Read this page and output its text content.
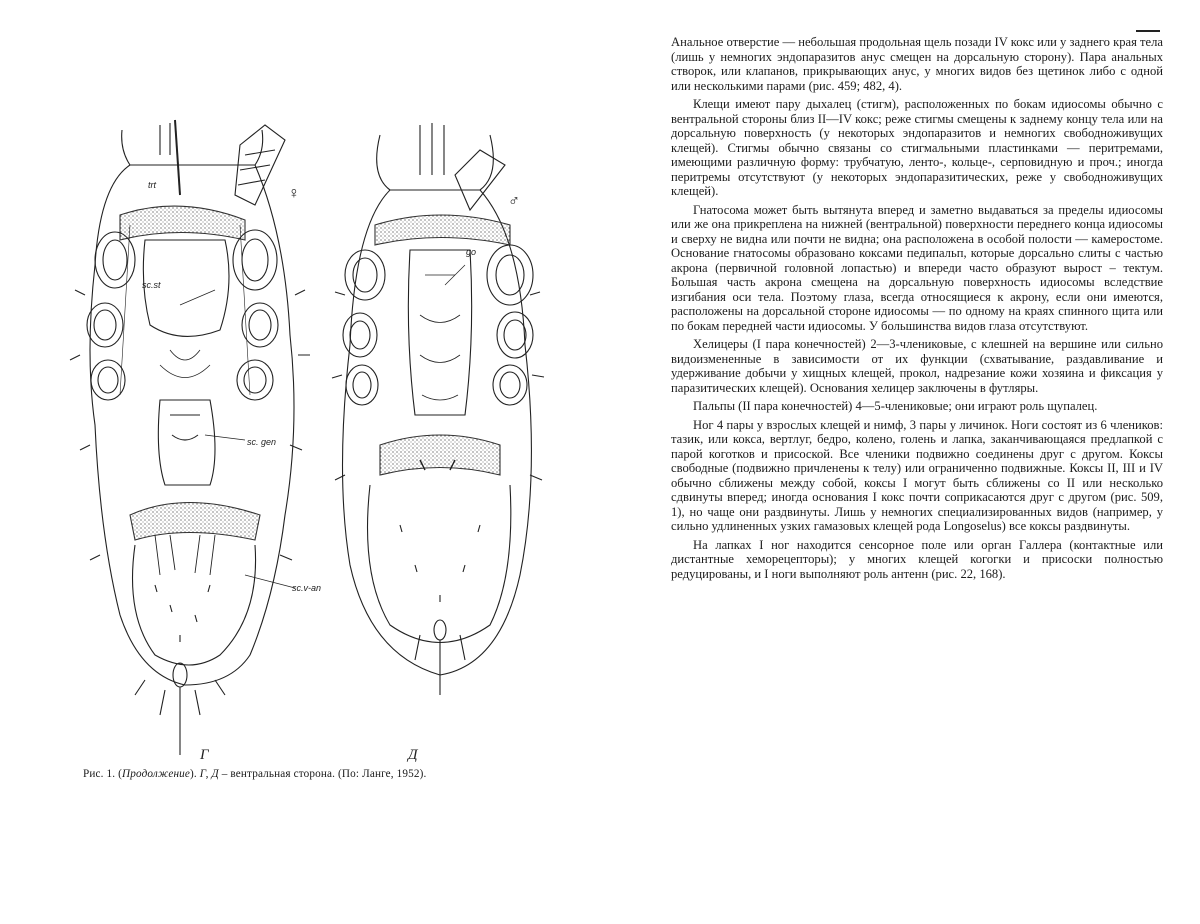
trt
sc.st
go
sc. gen
sc.v-an
♀	♂
Г	Д
Рис. 1. (Продолжение). Г, Д – вентральная сторона. (По: Ланге, 1952).

Анальное отверстие — небольшая продольная щель позади IV кокс или у заднего края тела (лишь у немногих эндопаразитов анус смещен на дорсальную сторону). Пара анальных створок, или клапанов, прикрывающих анус, у многих видов без щетинок либо с одной или несколькими парами (рис. 459; 482, 4).

Клещи имеют пару дыхалец (стигм), расположенных по бокам идиосомы обычно с вентральной стороны близ II—IV кокс; реже стигмы смещены к заднему концу тела или на дорсальную поверхность (у некоторых эндопаразитов и немногих свободноживущих клещей). Стигмы обычно связаны со стигмальными пластинками — перитремами, имеющими различную форму: трубчатую, ленто-, кольце-, серповидную и проч.; иногда перитремы отсутствуют (у некоторых эндопаразитических, реже у свободноживущих клещей).

Гнатосома может быть вытянута вперед и заметно выдаваться за пределы идиосомы или же она прикреплена на нижней (вентральной) поверхности переднего конца идиосомы и сверху не видна или почти не видна; она расположена в особой полости — камеростоме. Основание гнатосомы образовано коксами педипальп, которые дорсально слиты с частью акрона (первичной головной лопастью) и впереди часто образуют вырост – тектум. Большая часть акрона смещена на дорсальную поверхность идиосомы вследствие изгибания оси тела. Поэтому глаза, всегда относящиеся к акрону, если они имеются, расположены на дорсальной стороне идиосомы — по одному на краях спинного щита или по бокам передней части идиосомы. У большинства видов глаза отсутствуют.

Хелицеры (I пара конечностей) 2—3-члениковые, с клешней на вершине или сильно видоизмененные в зависимости от их функции (схватывание, раздавливание и удерживание добычи у хищных клещей, прокол, надрезание кожи хозяина и фиксация у паразитических клещей). Основания хелицер заключены в футляры.

Пальпы (II пара конечностей) 4—5-члениковые; они играют роль щупалец.

Ног 4 пары у взрослых клещей и нимф, 3 пары у личинок. Ноги состоят из 6 члеников: тазик, или кокса, вертлуг, бедро, колено, голень и лапка, заканчивающаяся предлапкой с парой коготков и присоской. Все членики подвижно соединены друг с другом. Коксы свободные (подвижно причленены к телу) или ограниченно подвижные. Коксы II, III и IV обычно сближены между собой, коксы I могут быть сближены со II или несколько сдвинуты вперед; иногда основания I кокс почти соприкасаются друг с другом (рис. 509, 1), но чаще они раздвинуты. Лишь у немногих специализированных видов (например, у сильно удлиненных узких гамазовых клещей рода Longoselus) все коксы раздвинуты.

На лапках I ног находится сенсорное поле или орган Галлера (контактные или дистантные хеморецепторы); у многих клещей когогки и присоски полностью редуцированы, и I ноги выполняют роль антенн (рис. 22, 168).
